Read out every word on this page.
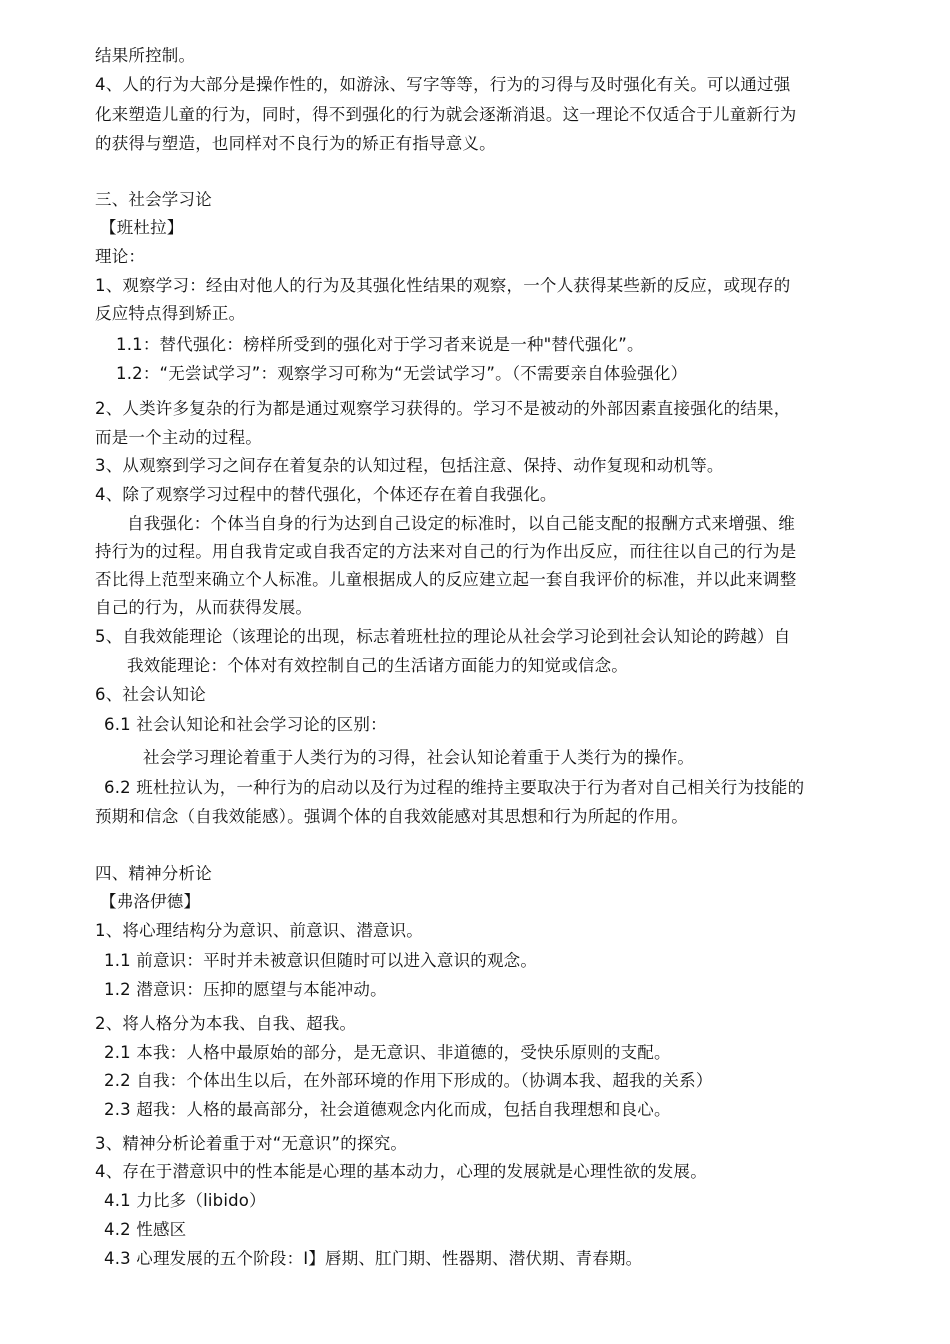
结果所控制。
4、人的行为大部分是操作性的，如游泳、写字等等，行为的习得与及时强化有关。可以通过强
化来塑造儿童的行为，同时，得不到强化的行为就会逐渐消退。这一理论不仅适合于儿童新行为
的获得与塑造，也同样对不良行为的矫正有指导意义。
三、社会学习论
【班杜拉】
理论：
1、观察学习：经由对他人的行为及其强化性结果的观察，一个人获得某些新的反应，或现存的
反应特点得到矫正。
1.1：替代强化：榜样所受到的强化对于学习者来说是一种"替代强化”。
1.2：“无尝试学习”：观察学习可称为“无尝试学习”。（不需要亲自体验强化）
2、人类许多复杂的行为都是通过观察学习获得的。学习不是被动的外部因素直接强化的结果，
而是一个主动的过程。
3、从观察到学习之间存在着复杂的认知过程，包括注意、保持、动作复现和动机等。
4、除了观察学习过程中的替代强化，个体还存在着自我强化。
自我强化：个体当自身的行为达到自己设定的标准时，以自己能支配的报酬方式来增强、维
持行为的过程。用自我肯定或自我否定的方法来对自己的行为作出反应，而往往以自己的行为是
否比得上范型来确立个人标准。儿童根据成人的反应建立起一套自我评价的标准，并以此来调整
自己的行为，从而获得发展。
5、自我效能理论（该理论的出现，标志着班杜拉的理论从社会学习论到社会认知论的跨越）自
我效能理论：个体对有效控制自己的生活诸方面能力的知觉或信念。
6、社会认知论
6.1 社会认知论和社会学习论的区别：
社会学习理论着重于人类行为的习得，社会认知论着重于人类行为的操作。
6.2 班杜拉认为，一种行为的启动以及行为过程的维持主要取决于行为者对自己相关行为技能的
预期和信念（自我效能感）。强调个体的自我效能感对其思想和行为所起的作用。
四、精神分析论
【弗洛伊德】
1、将心理结构分为意识、前意识、潜意识。
1.1 前意识：平时并未被意识但随时可以进入意识的观念。
1.2 潜意识：压抑的愿望与本能冲动。
2、将人格分为本我、自我、超我。
2.1 本我：人格中最原始的部分，是无意识、非道德的，受快乐原则的支配。
2.2 自我：个体出生以后，在外部环境的作用下形成的。（协调本我、超我的关系）
2.3 超我：人格的最高部分，社会道德观念内化而成，包括自我理想和良心。
3、精神分析论着重于对“无意识”的探究。
4、存在于潜意识中的性本能是心理的基本动力，心理的发展就是心理性欲的发展。
4.1 力比多（libido）
4.2 性感区
4.3 心理发展的五个阶段：Ⅰ】唇期、肛门期、性器期、潜伏期、青春期。
